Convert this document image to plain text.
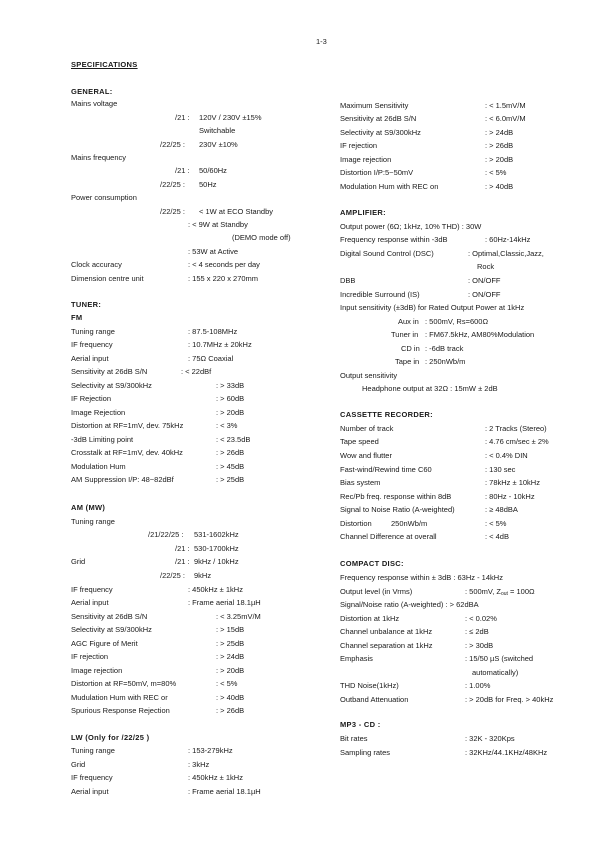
1-3
SPECIFICATIONS
GENERAL:
Mains voltage
/21 : 120V / 230V ±15%
Switchable
/22/25 : 230V ±10%
Mains frequency
/21 : 50/60Hz
/22/25 : 50Hz
Power consumption
/22/25 : < 1W at ECO Standby
: < 9W at Standby
(DEMO mode off)
: 53W at Active
Clock accuracy	: < 4 seconds per day
Dimension centre unit	: 155 x 220 x 270mm
TUNER:
FM
Tuning range	: 87.5-108MHz
IF frequency	: 10.7MHz ± 20kHz
Aerial input	: 75Ω Coaxial
Sensitivity at 26dB S/N	: < 22dBf
Selectivity at S9/300kHz	: > 33dB
IF Rejection	: > 60dB
Image Rejection	: > 20dB
Distortion at RF=1mV, dev. 75kHz	: < 3%
-3dB Limiting point	: < 23.5dB
Crosstalk at RF=1mV, dev. 40kHz	: > 26dB
Modulation Hum	: > 45dB
AM Suppression I/P: 48~82dBf	: > 25dB
AM (MW)
Tuning range
/21/22/25 : 531-1602kHz
/21 : 530-1700kHz
Grid	/21 : 9kHz / 10kHz
/22/25 : 9kHz
IF frequency	: 450kHz ± 1kHz
Aerial input	: Frame aerial 18.1µH
Sensitivity at 26dB S/N	: < 3.25mV/M
Selectivity at S9/300kHz	: > 15dB
AGC Figure of Merit	: > 25dB
IF rejection	: > 24dB
Image rejection	: > 20dB
Distortion at RF=50mV, m=80%	: < 5%
Mudulation Hum with REC or	: > 40dB
Spurious Response Rejection	: > 26dB
LW (Only for /22/25 )
Tuning range	: 153-279kHz
Grid	: 3kHz
IF frequency	: 450kHz ± 1kHz
Aerial input	: Frame aerial 18.1µH
Maximum Sensitivity	: < 1.5mV/M
Sensitivity at 26dB S/N	: < 6.0mV/M
Selectivity at S9/300kHz	: > 24dB
IF rejection	: > 26dB
Image rejection	: > 20dB
Distortion I/P:5~50mV	: < 5%
Modulation Hum with REC on	: > 40dB
AMPLIFIER:
Output power (6Ω; 1kHz, 10% THD) : 30W
Frequency response within -3dB	: 60Hz-14kHz
Digital Sound Control (DSC)	: Optimal,Classic,Jazz,
Rock
DBB	: ON/OFF
Incredible Surround (IS)	: ON/OFF
Input sensitivity (±3dB) for Rated Output Power at 1kHz
Aux in : 500mV, Rs=600Ω
Tuner in : FM67.5kHz, AM80%Modulation
CD in : -6dB track
Tape in : 250nWb/m
Output sensitivity
Headphone output at 32Ω : 15mW ± 2dB
CASSETTE RECORDER:
Number of track	: 2 Tracks (Stereo)
Tape speed	: 4.76 cm/sec ± 2%
Wow and flutter	: < 0.4% DIN
Fast-wind/Rewind time C60	: 130 sec
Bias system	: 78kHz ± 10kHz
Rec/Pb freq. response within 8dB	: 80Hz - 10kHz
Signal to Noise Ratio (A-weighted)	: ≥ 48dBA
Distortion	250nWb/m	: < 5%
Channel Difference at overall	: < 4dB
COMPACT DISC:
Frequency response within ± 3dB : 63Hz - 14kHz
Output level (in Vrms)	: 500mV, $Z_{out} = 100\Omega$
Signal/Noise ratio (A-weighted) : > 62dBA
Distortion at 1kHz	: < 0.02%
Channel unbalance at 1kHz	: ≤ 2dB
Channel separation at 1kHz	: > 30dB
Emphasis	: 15/50 µS (switched
automatically)
THD Noise(1kHz)	: 1.00%
Outband Attenuation	: > 20dB for Freq. > 40kHz
MP3 - CD :
Bit rates	: 32K - 320Kps
Sampling rates	: 32KHz/44.1KHz/48KHz
